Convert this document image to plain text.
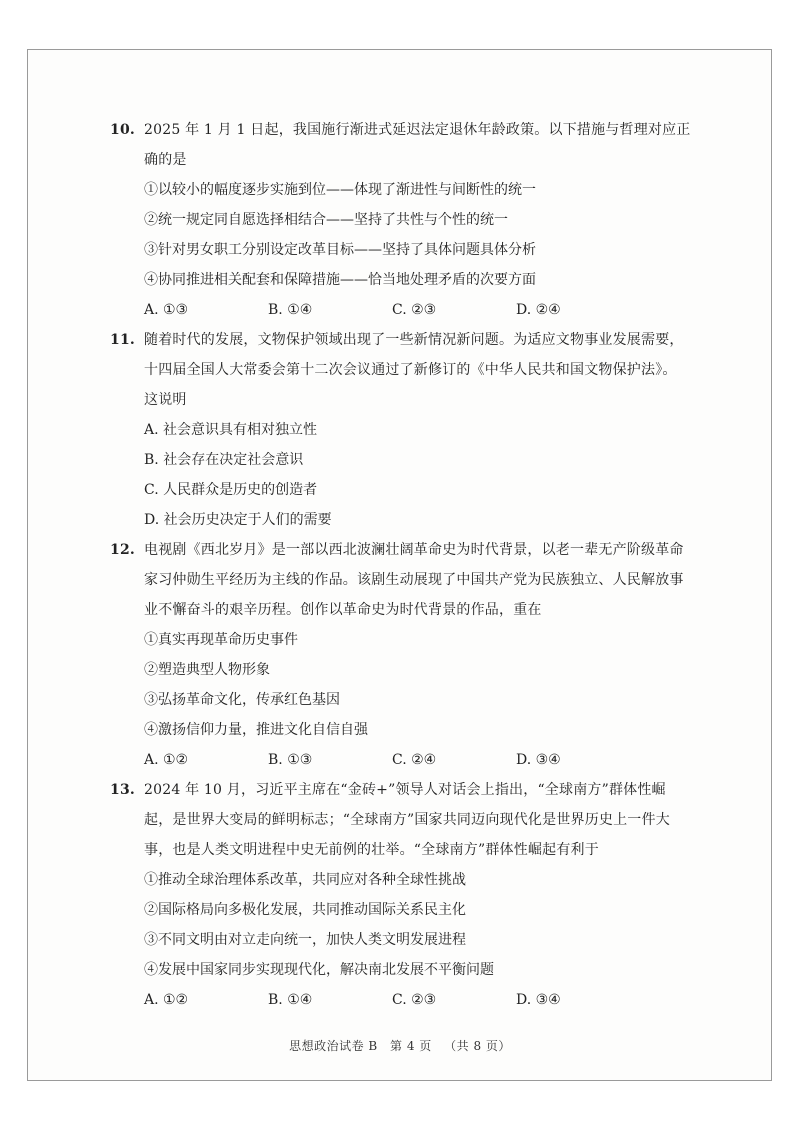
10. 2025 年 1 月 1 日起，我国施行渐进式延迟法定退休年龄政策。以下措施与哲理对应正
确的是
①以较小的幅度逐步实施到位——体现了渐进性与间断性的统一
②统一规定同自愿选择相结合——坚持了共性与个性的统一
③针对男女职工分别设定改革目标——坚持了具体问题具体分析
④协同推进相关配套和保障措施——恰当地处理矛盾的次要方面
A. ①③	B. ①④	C. ②③	D. ②④
11. 随着时代的发展，文物保护领域出现了一些新情况新问题。为适应文物事业发展需要，
十四届全国人大常委会第十二次会议通过了新修订的《中华人民共和国文物保护法》。
这说明
A. 社会意识具有相对独立性
B. 社会存在决定社会意识
C. 人民群众是历史的创造者
D. 社会历史决定于人们的需要
12. 电视剧《西北岁月》是一部以西北波澜壮阔革命史为时代背景，以老一辈无产阶级革命
家习仲勋生平经历为主线的作品。该剧生动展现了中国共产党为民族独立、人民解放事
业不懈奋斗的艰辛历程。创作以革命史为时代背景的作品，重在
①真实再现革命历史事件
②塑造典型人物形象
③弘扬革命文化，传承红色基因
④激扬信仰力量，推进文化自信自强
A. ①②	B. ①③	C. ②④	D. ③④
13. 2024 年 10 月，习近平主席在“金砖+”领导人对话会上指出，“全球南方”群体性崛
起，是世界大变局的鲜明标志；“全球南方”国家共同迈向现代化是世界历史上一件大
事，也是人类文明进程中史无前例的壮举。“全球南方”群体性崛起有利于
①推动全球治理体系改革，共同应对各种全球性挑战
②国际格局向多极化发展，共同推动国际关系民主化
③不同文明由对立走向统一，加快人类文明发展进程
④发展中国家同步实现现代化，解决南北发展不平衡问题
A. ①②	B. ①④	C. ②③	D. ③④
思想政治试卷 B 第 4 页 （共 8 页）
